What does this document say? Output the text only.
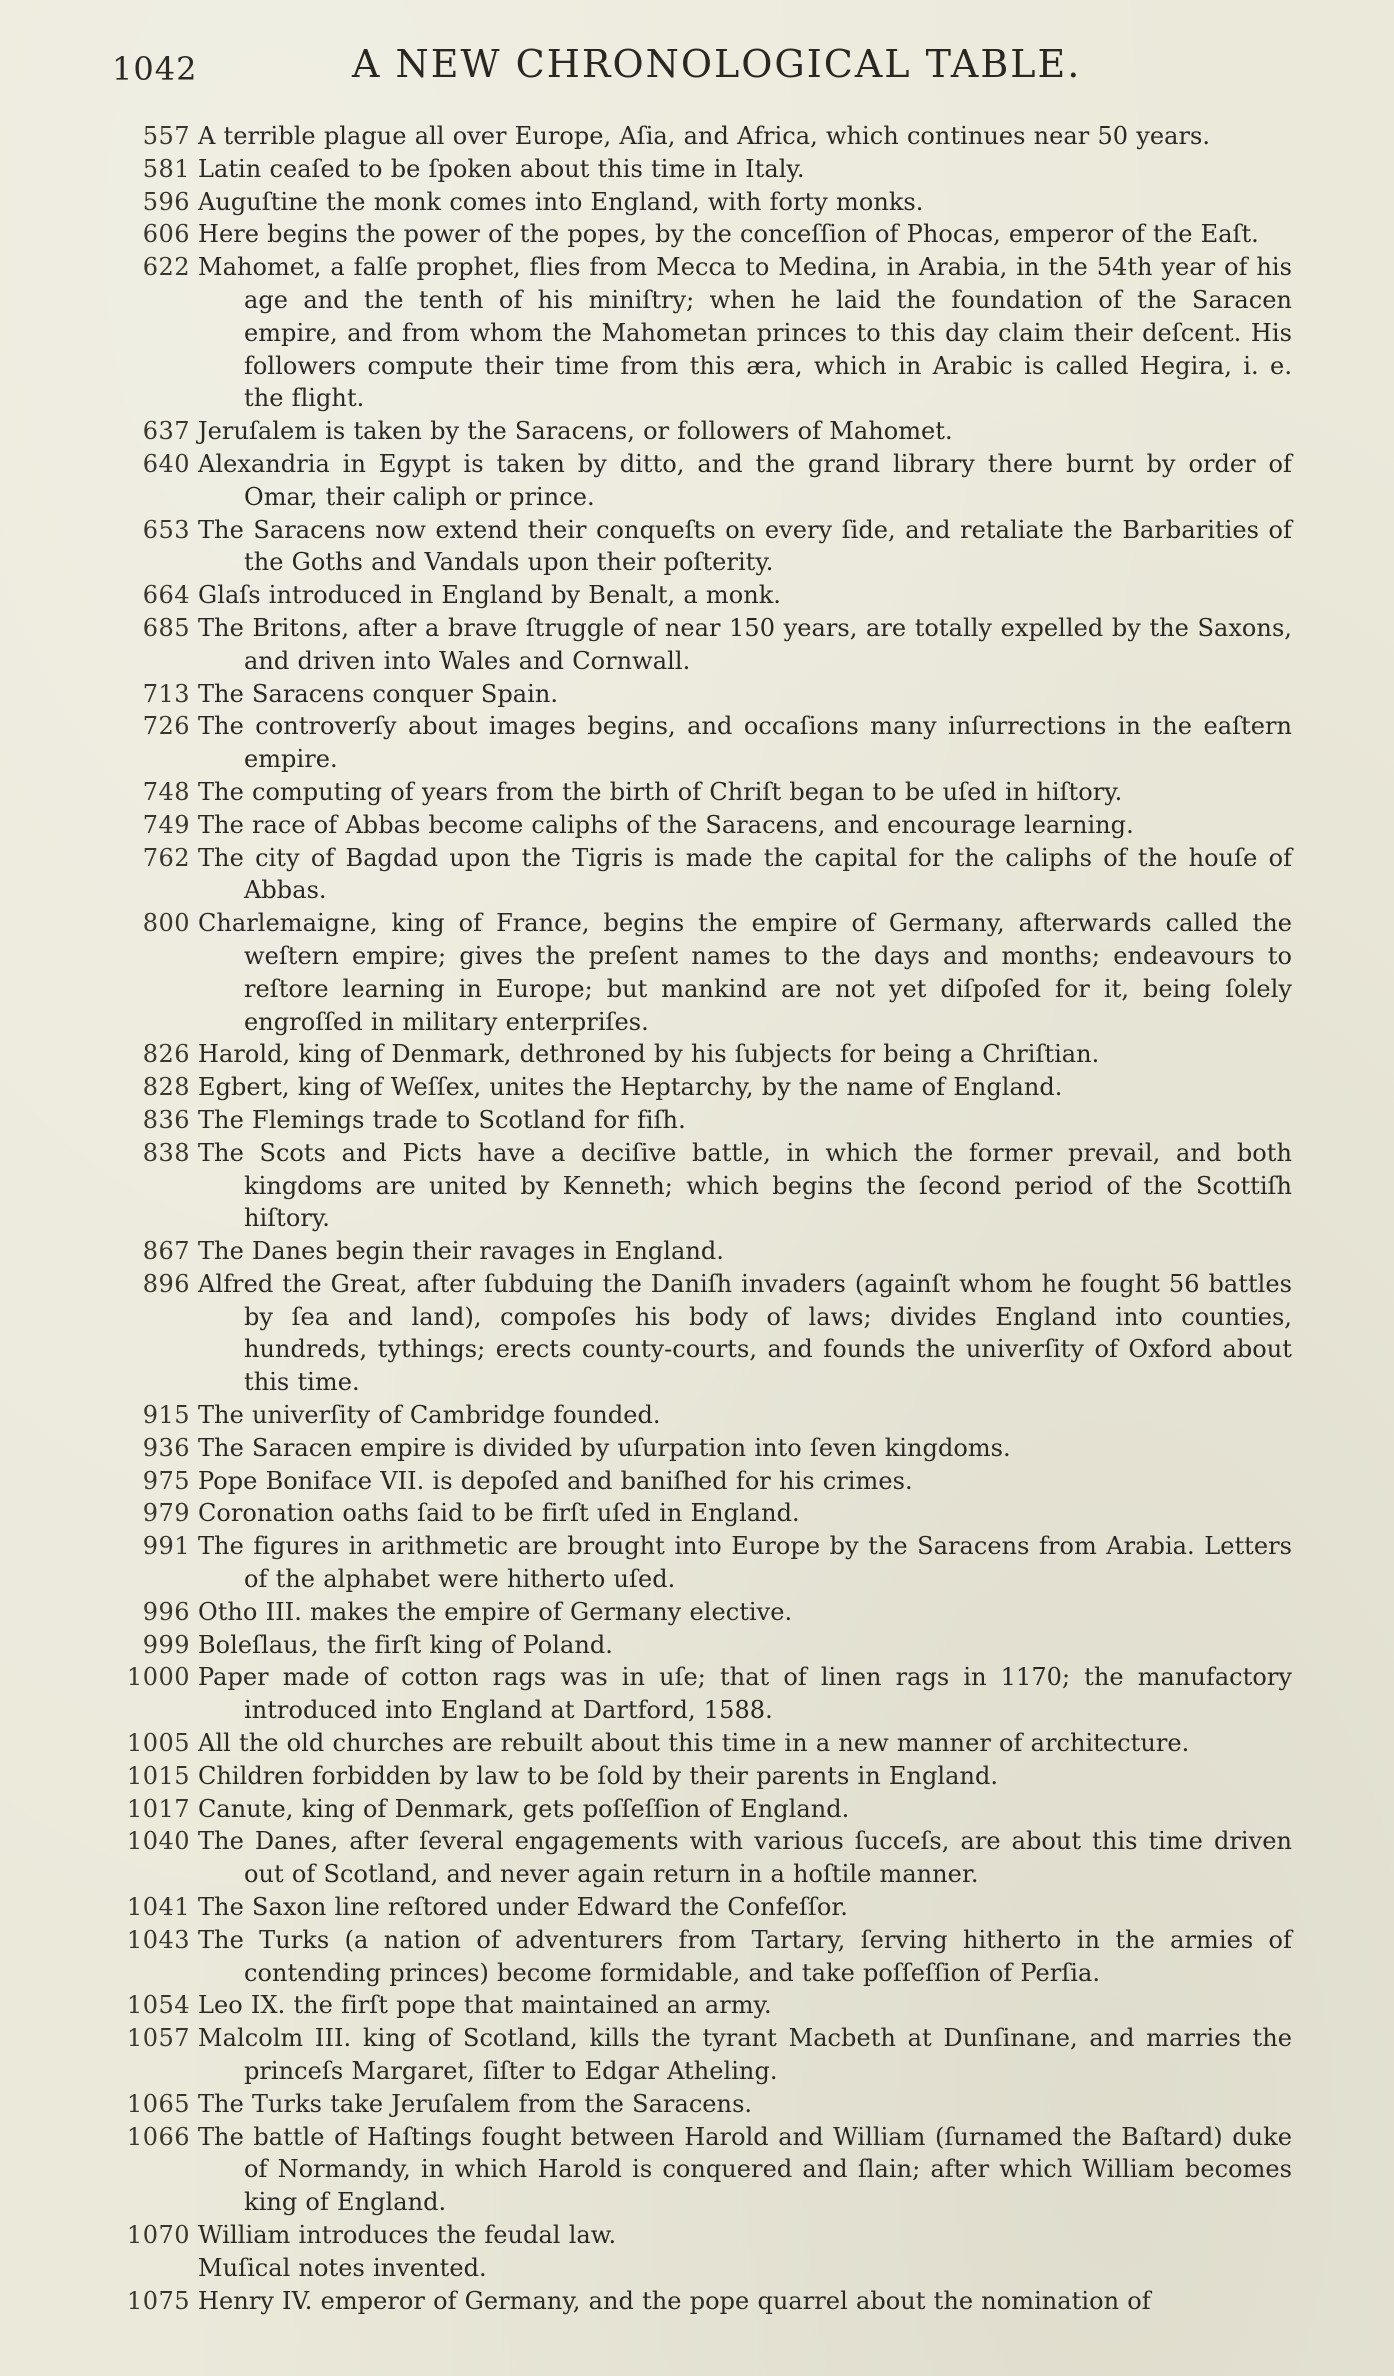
1042	A NEW CHRONOLOGICAL TABLE.
557 A terrible plague all over Europe, Aſia, and Africa, which continues near 50 years.
581 Latin ceaſed to be ſpoken about this time in Italy.
596 Auguſtine the monk comes into England, with forty monks.
606 Here begins the power of the popes, by the conceſſion of Phocas, emperor of the Eaſt.
622 Mahomet, a falſe prophet, flies from Mecca to Medina, in Arabia, in the 54th year of his age and the tenth of his miniſtry; when he laid the foundation of the Saracen empire, and from whom the Mahometan princes to this day claim their deſcent. His followers compute their time from this æra, which in Arabic is called Hegira, i. e. the flight.
637 Jeruſalem is taken by the Saracens, or followers of Mahomet.
640 Alexandria in Egypt is taken by ditto, and the grand library there burnt by order of Omar, their caliph or prince.
653 The Saracens now extend their conqueſts on every ſide, and retaliate the Barbarities of the Goths and Vandals upon their poſterity.
664 Glaſs introduced in England by Benalt, a monk.
685 The Britons, after a brave ſtruggle of near 150 years, are totally expelled by the Saxons, and driven into Wales and Cornwall.
713 The Saracens conquer Spain.
726 The controverſy about images begins, and occaſions many inſurrections in the eaſtern empire.
748 The computing of years from the birth of Chriſt began to be uſed in hiſtory.
749 The race of Abbas become caliphs of the Saracens, and encourage learning.
762 The city of Bagdad upon the Tigris is made the capital for the caliphs of the houſe of Abbas.
800 Charlemaigne, king of France, begins the empire of Germany, afterwards called the weſtern empire; gives the preſent names to the days and months; endeavours to reſtore learning in Europe; but mankind are not yet diſpoſed for it, being ſolely engroſſed in military enterpriſes.
826 Harold, king of Denmark, dethroned by his ſubjects for being a Chriſtian.
828 Egbert, king of Weſſex, unites the Heptarchy, by the name of England.
836 The Flemings trade to Scotland for fiſh.
838 The Scots and Picts have a deciſive battle, in which the former prevail, and both kingdoms are united by Kenneth; which begins the ſecond period of the Scottiſh hiſtory.
867 The Danes begin their ravages in England.
896 Alfred the Great, after ſubduing the Daniſh invaders (againſt whom he fought 56 battles by ſea and land), compoſes his body of laws; divides England into counties, hundreds, tythings; erects county-courts, and founds the univerſity of Oxford about this time.
915 The univerſity of Cambridge founded.
936 The Saracen empire is divided by uſurpation into ſeven kingdoms.
975 Pope Boniface VII. is depoſed and baniſhed for his crimes.
979 Coronation oaths ſaid to be firſt uſed in England.
991 The figures in arithmetic are brought into Europe by the Saracens from Arabia. Letters of the alphabet were hitherto uſed.
996 Otho III. makes the empire of Germany elective.
999 Boleſlaus, the firſt king of Poland.
1000 Paper made of cotton rags was in uſe; that of linen rags in 1170; the manufactory introduced into England at Dartford, 1588.
1005 All the old churches are rebuilt about this time in a new manner of architecture.
1015 Children forbidden by law to be ſold by their parents in England.
1017 Canute, king of Denmark, gets poſſeſſion of England.
1040 The Danes, after ſeveral engagements with various ſucceſs, are about this time driven out of Scotland, and never again return in a hoſtile manner.
1041 The Saxon line reſtored under Edward the Confeſſor.
1043 The Turks (a nation of adventurers from Tartary, ſerving hitherto in the armies of contending princes) become formidable, and take poſſeſſion of Perſia.
1054 Leo IX. the firſt pope that maintained an army.
1057 Malcolm III. king of Scotland, kills the tyrant Macbeth at Dunſinane, and marries the princeſs Margaret, ſiſter to Edgar Atheling.
1065 The Turks take Jeruſalem from the Saracens.
1066 The battle of Haſtings fought between Harold and William (ſurnamed the Baſtard) duke of Normandy, in which Harold is conquered and ſlain; after which William becomes king of England.
1070 William introduces the feudal law.
Muſical notes invented.
1075 Henry IV. emperor of Germany, and the pope quarrel about the nomination of
